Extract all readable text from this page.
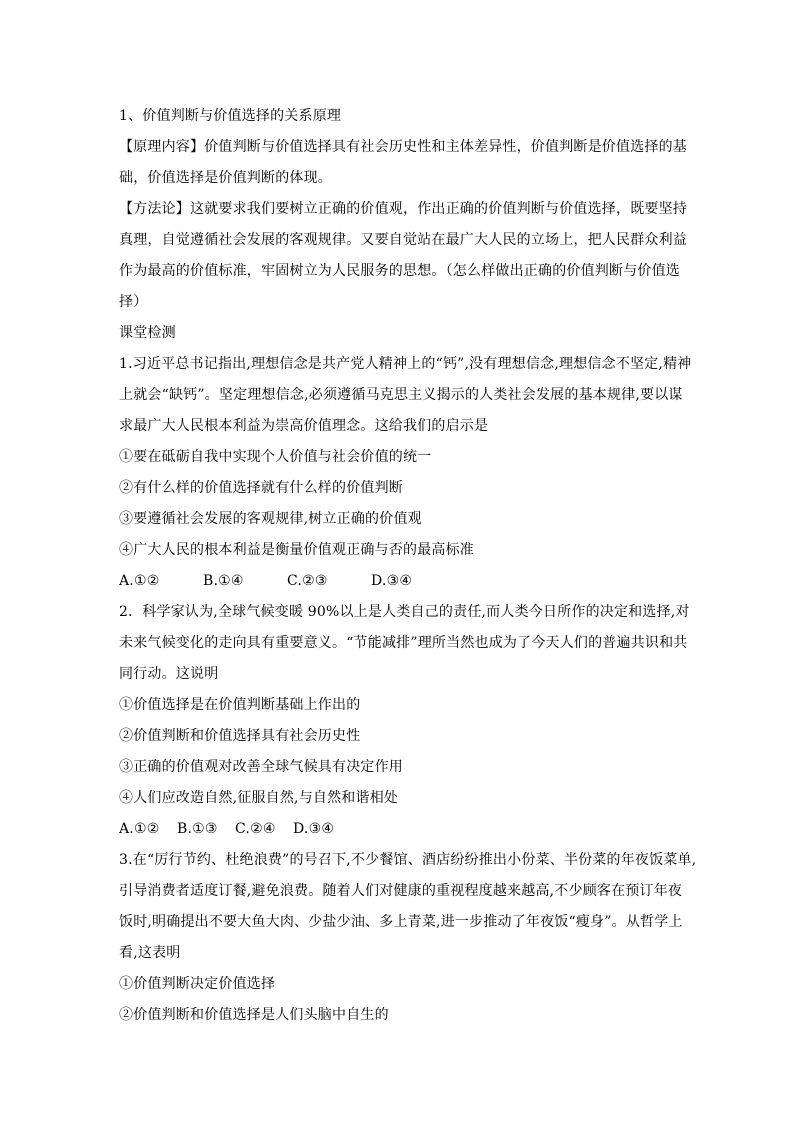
1、价值判断与价值选择的关系原理
【原理内容】价值判断与价值选择具有社会历史性和主体差异性，价值判断是价值选择的基
础，价值选择是价值判断的体现。
【方法论】这就要求我们要树立正确的价值观，作出正确的价值判断与价值选择，既要坚持
真理，自觉遵循社会发展的客观规律。又要自觉站在最广大人民的立场上，把人民群众利益
作为最高的价值标准，牢固树立为人民服务的思想。（怎么样做出正确的价值判断与价值选
择）
课堂检测
1.习近平总书记指出,理想信念是共产党人精神上的“钙”,没有理想信念,理想信念不坚定,精神
上就会“缺钙”。坚定理想信念,必须遵循马克思主义揭示的人类社会发展的基本规律,要以谋
求最广大人民根本利益为崇高价值理念。这给我们的启示是
①要在砥砺自我中实现个人价值与社会价值的统一
②有什么样的价值选择就有什么样的价值判断
③要遵循社会发展的客观规律,树立正确的价值观
④广大人民的根本利益是衡量价值观正确与否的最高标准
A.①②	B.①④	C.②③	D.③④
2．科学家认为,全球气候变暖 90%以上是人类自己的责任,而人类今日所作的决定和选择,对
未来气候变化的走向具有重要意义。“节能减排”理所当然也成为了今天人们的普遍共识和共
同行动。这说明
①价值选择是在价值判断基础上作出的
②价值判断和价值选择具有社会历史性
③正确的价值观对改善全球气候具有决定作用
④人们应改造自然,征服自然,与自然和谐相处
A.①② B.①③ C.②④ D.③④
3.在“厉行节约、杜绝浪费”的号召下,不少餐馆、酒店纷纷推出小份菜、半份菜的年夜饭菜单,
引导消费者适度订餐,避免浪费。随着人们对健康的重视程度越来越高,不少顾客在预订年夜
饭时,明确提出不要大鱼大肉、少盐少油、多上青菜,进一步推动了年夜饭“瘦身”。从哲学上
看,这表明
①价值判断决定价值选择
②价值判断和价值选择是人们头脑中自生的
